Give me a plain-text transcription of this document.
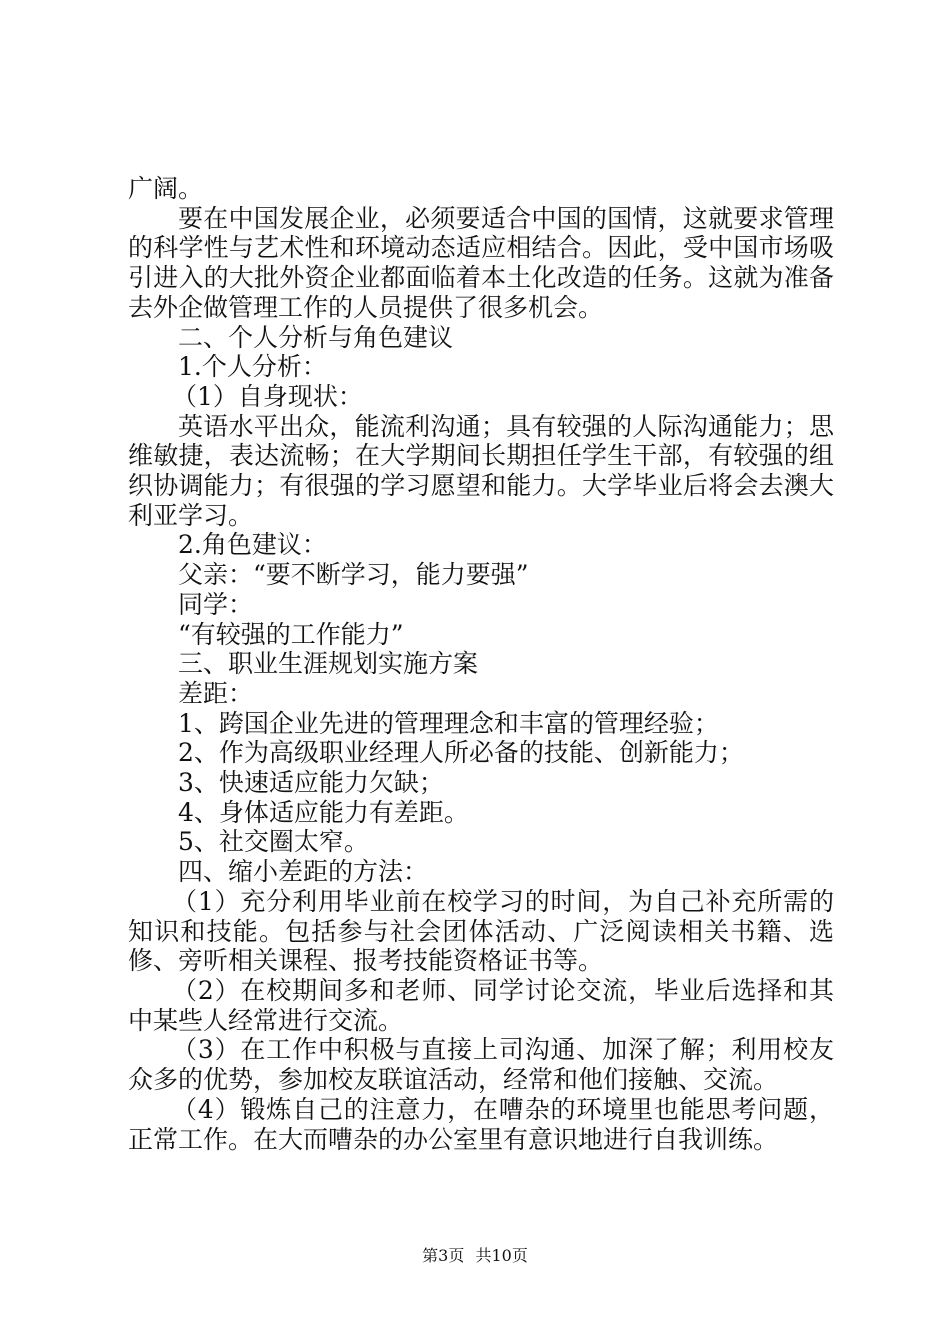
广阔。

要在中国发展企业，必须要适合中国的国情，这就要求管理的科学性与艺术性和环境动态适应相结合。因此，受中国市场吸引进入的大批外资企业都面临着本土化改造的任务。这就为准备去外企做管理工作的人员提供了很多机会。

二、个人分析与角色建议

1.个人分析：

（1）自身现状：

英语水平出众，能流利沟通；具有较强的人际沟通能力；思维敏捷，表达流畅；在大学期间长期担任学生干部，有较强的组织协调能力；有很强的学习愿望和能力。大学毕业后将会去澳大利亚学习。

2.角色建议：

父亲：“要不断学习，能力要强”

同学：

“有较强的工作能力”

三、职业生涯规划实施方案

差距：

1、跨国企业先进的管理理念和丰富的管理经验；

2、作为高级职业经理人所必备的技能、创新能力；

3、快速适应能力欠缺；

4、身体适应能力有差距。

5、社交圈太窄。

四、缩小差距的方法：

（1）充分利用毕业前在校学习的时间，为自己补充所需的知识和技能。包括参与社会团体活动、广泛阅读相关书籍、选修、旁听相关课程、报考技能资格证书等。

（2）在校期间多和老师、同学讨论交流，毕业后选择和其中某些人经常进行交流。

（3）在工作中积极与直接上司沟通、加深了解；利用校友众多的优势，参加校友联谊活动，经常和他们接触、交流。

（4）锻炼自己的注意力，在嘈杂的环境里也能思考问题，正常工作。在大而嘈杂的办公室里有意识地进行自我训练。

第3页 共10页
